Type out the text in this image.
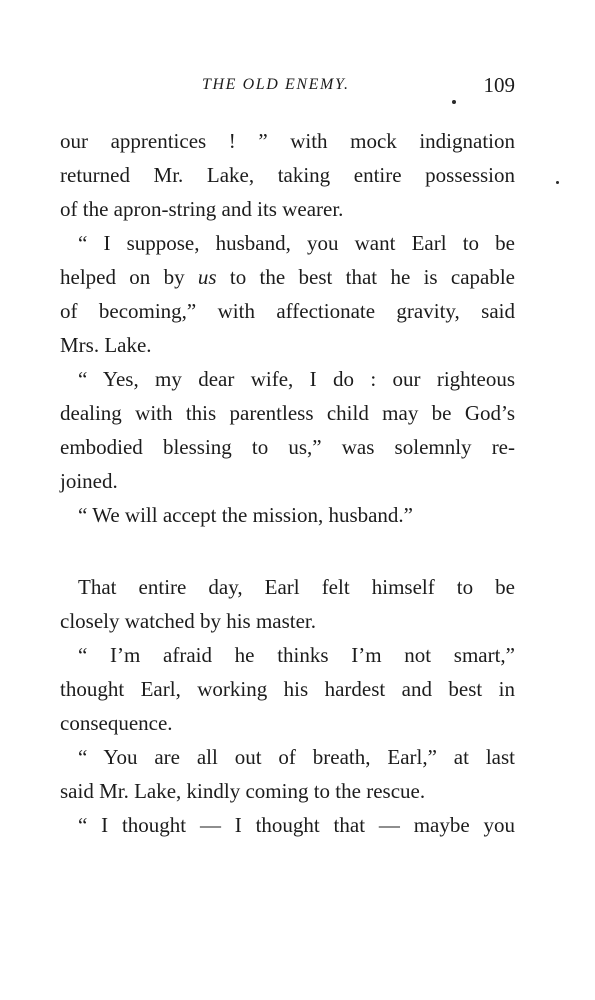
THE OLD ENEMY.	109
our apprentices ! ” with mock indignation
returned Mr. Lake, taking entire possession
of the apron-string and its wearer.
“ I suppose, husband, you want Earl to be
helped on by us to the best that he is capable
of becoming,” with affectionate gravity, said
Mrs. Lake.
“ Yes, my dear wife, I do : our righteous
dealing with this parentless child may be God’s
embodied blessing to us,” was solemnly re-
joined.
“ We will accept the mission, husband.”
That entire day, Earl felt himself to be
closely watched by his master.
“ I’m afraid he thinks I’m not smart,”
thought Earl, working his hardest and best in
consequence.
“ You are all out of breath, Earl,” at last
said Mr. Lake, kindly coming to the rescue.
“ I thought — I thought that — maybe you
